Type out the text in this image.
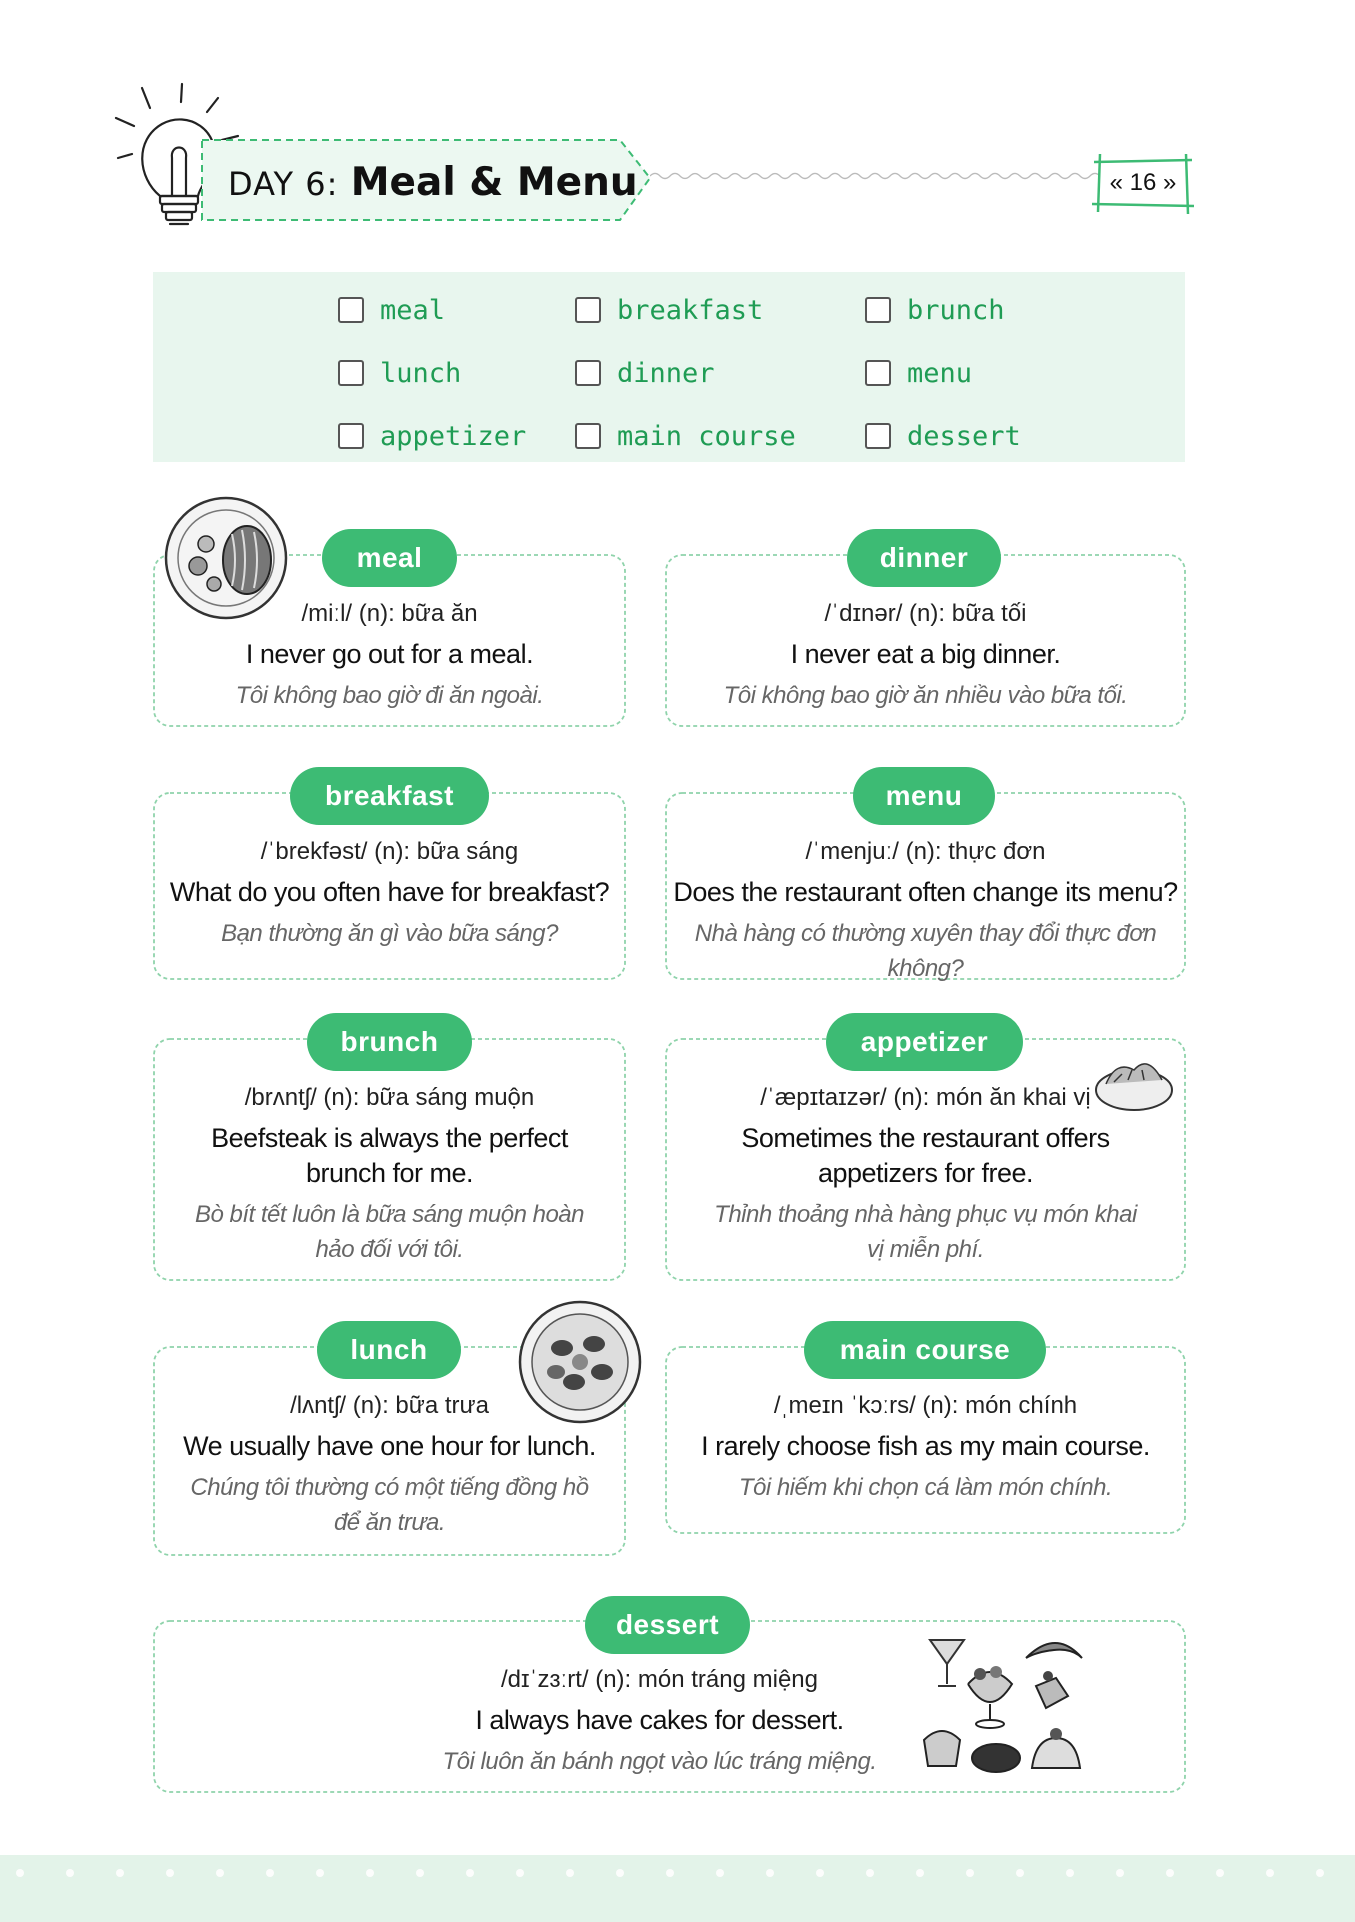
DAY 6: Meal & Menu	« 16 »
meal	breakfast	brunch
lunch	dinner	menu
appetizer	main course	dessert
/miːl/ (n): bữa ăn
I never go out for a meal.
Tôi không bao giờ đi ăn ngoài.
meal
/ˈdɪnər/ (n): bữa tối
I never eat a big dinner.
Tôi không bao giờ ăn nhiều vào bữa tối.
dinner
/ˈbrekfəst/ (n): bữa sáng
What do you often have for breakfast?
Bạn thường ăn gì vào bữa sáng?
breakfast
/ˈmenjuː/ (n): thực đơn
Does the restaurant often change its menu?
Nhà hàng có thường xuyên thay đổi thực đơn không?
menu
/brʌntʃ/ (n): bữa sáng muộn
Beefsteak is always the perfect brunch for me.
Bò bít tết luôn là bữa sáng muộn hoàn hảo đối với tôi.
brunch
/ˈæpɪtaɪzər/ (n): món ăn khai vị
Sometimes the restaurant offers appetizers for free.
Thỉnh thoảng nhà hàng phục vụ món khai vị miễn phí.
appetizer
/lʌntʃ/ (n): bữa trưa
We usually have one hour for lunch.
Chúng tôi thường có một tiếng đồng hồ để ăn trưa.
lunch
/ˌmeɪn ˈkɔːrs/ (n): món chính
I rarely choose fish as my main course.
Tôi hiếm khi chọn cá làm món chính.
main course
/dɪˈzɜːrt/ (n): món tráng miệng
I always have cakes for dessert.
Tôi luôn ăn bánh ngọt vào lúc tráng miệng.
dessert
